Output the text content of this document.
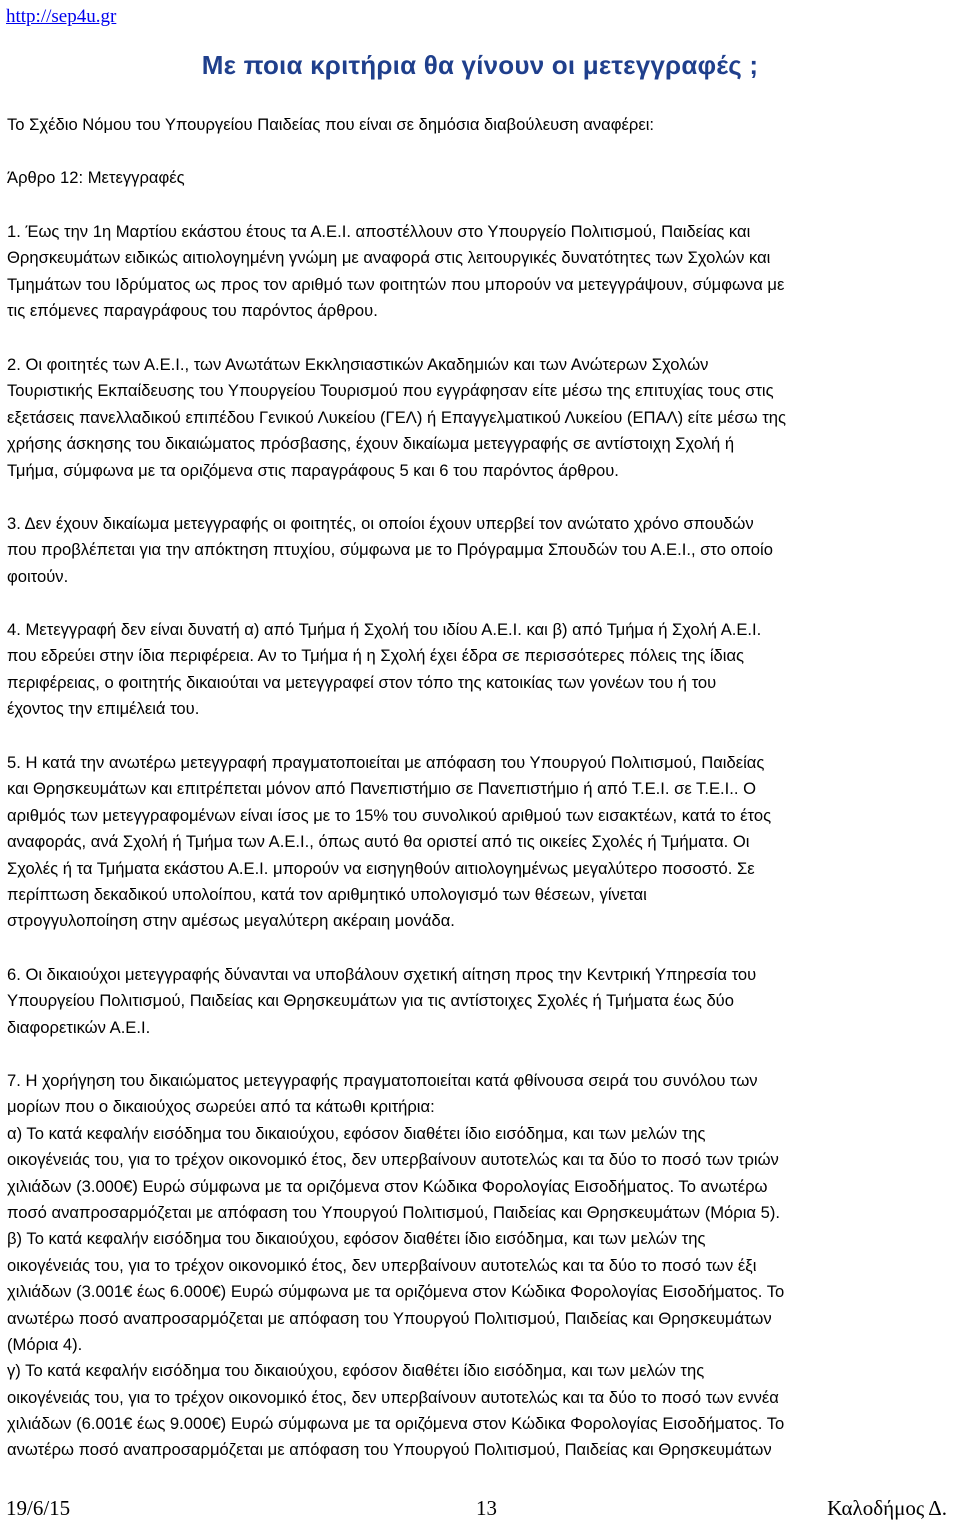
http://sep4u.gr
Με ποια κριτήρια θα γίνουν οι μετεγγραφές ;
Το Σχέδιο Νόμου του Υπουργείου Παιδείας που είναι σε δημόσια διαβούλευση αναφέρει:
Άρθρο 12: Μετεγγραφές
1. Έως την 1η Μαρτίου εκάστου έτους τα Α.Ε.Ι. αποστέλλουν στο Υπουργείο Πολιτισμού, Παιδείας και
Θρησκευμάτων ειδικώς αιτιολογημένη γνώμη με αναφορά στις λειτουργικές δυνατότητες των Σχολών και
Τμημάτων του Ιδρύματος ως προς τον αριθμό των φοιτητών που μπορούν να μετεγγράψουν, σύμφωνα με
τις επόμενες παραγράφους του παρόντος άρθρου.
2. Οι φοιτητές των Α.Ε.Ι., των Ανωτάτων Εκκλησιαστικών Ακαδημιών και των Ανώτερων Σχολών
Τουριστικής Εκπαίδευσης του Υπουργείου Τουρισμού που εγγράφησαν είτε μέσω της επιτυχίας τους στις
εξετάσεις πανελλαδικού επιπέδου Γενικού Λυκείου (ΓΕΛ) ή Επαγγελματικού Λυκείου (ΕΠΑΛ) είτε μέσω της
χρήσης άσκησης του δικαιώματος πρόσβασης, έχουν δικαίωμα μετεγγραφής σε αντίστοιχη Σχολή ή
Τμήμα, σύμφωνα με τα οριζόμενα στις παραγράφους 5 και 6 του παρόντος άρθρου.
3. Δεν έχουν δικαίωμα μετεγγραφής οι φοιτητές, οι οποίοι έχουν υπερβεί τον ανώτατο χρόνο σπουδών
που προβλέπεται για την απόκτηση πτυχίου, σύμφωνα με το Πρόγραμμα Σπουδών του Α.Ε.Ι., στο οποίο
φοιτούν.
4. Μετεγγραφή δεν είναι δυνατή α) από Τμήμα ή Σχολή του ιδίου Α.Ε.Ι. και β) από Τμήμα ή Σχολή Α.Ε.Ι.
που εδρεύει στην ίδια περιφέρεια. Αν το Τμήμα ή η Σχολή έχει έδρα σε περισσότερες πόλεις της ίδιας
περιφέρειας, ο φοιτητής δικαιούται να μετεγγραφεί στον τόπο της κατοικίας των γονέων του ή του
έχοντος την επιμέλειά του.
5. Η κατά την ανωτέρω μετεγγραφή πραγματοποιείται με απόφαση του Υπουργού Πολιτισμού, Παιδείας
και Θρησκευμάτων και επιτρέπεται μόνον από Πανεπιστήμιο σε Πανεπιστήμιο ή από Τ.Ε.Ι. σε Τ.Ε.Ι.. Ο
αριθμός των μετεγγραφομένων είναι ίσος με το 15% του συνολικού αριθμού των εισακτέων, κατά το έτος
αναφοράς, ανά Σχολή ή Τμήμα των Α.Ε.Ι., όπως αυτό θα οριστεί από τις οικείες Σχολές ή Τμήματα. Οι
Σχολές ή τα Τμήματα εκάστου Α.Ε.Ι. μπορούν να εισηγηθούν αιτιολογημένως μεγαλύτερο ποσοστό. Σε
περίπτωση δεκαδικού υπολοίπου, κατά τον αριθμητικό υπολογισμό των θέσεων, γίνεται
στρογγυλοποίηση στην αμέσως μεγαλύτερη ακέραιη μονάδα.
6. Οι δικαιούχοι μετεγγραφής δύνανται να υποβάλουν σχετική αίτηση προς την Κεντρική Υπηρεσία του
Υπουργείου Πολιτισμού, Παιδείας και Θρησκευμάτων για τις αντίστοιχες Σχολές ή Τμήματα έως δύο
διαφορετικών Α.Ε.Ι.
7. Η χορήγηση του δικαιώματος μετεγγραφής πραγματοποιείται κατά φθίνουσα σειρά του συνόλου των
μορίων που ο δικαιούχος σωρεύει από τα κάτωθι κριτήρια:
α) Το κατά κεφαλήν εισόδημα του δικαιούχου, εφόσον διαθέτει ίδιο εισόδημα, και των μελών της
οικογένειάς του, για το τρέχον οικονομικό έτος, δεν υπερβαίνουν αυτοτελώς και τα δύο το ποσό των τριών
χιλιάδων (3.000€) Ευρώ σύμφωνα με τα οριζόμενα στον Κώδικα Φορολογίας Εισοδήματος. Το ανωτέρω
ποσό αναπροσαρμόζεται με απόφαση του Υπουργού Πολιτισμού, Παιδείας και Θρησκευμάτων (Μόρια 5).
β) Το κατά κεφαλήν εισόδημα του δικαιούχου, εφόσον διαθέτει ίδιο εισόδημα, και των μελών της
οικογένειάς του, για το τρέχον οικονομικό έτος, δεν υπερβαίνουν αυτοτελώς και τα δύο το ποσό των έξι
χιλιάδων (3.001€ έως 6.000€) Ευρώ σύμφωνα με τα οριζόμενα στον Κώδικα Φορολογίας Εισοδήματος. Το
ανωτέρω ποσό αναπροσαρμόζεται με απόφαση του Υπουργού Πολιτισμού, Παιδείας και Θρησκευμάτων
(Μόρια 4).
γ) Το κατά κεφαλήν εισόδημα του δικαιούχου, εφόσον διαθέτει ίδιο εισόδημα, και των μελών της
οικογένειάς του, για το τρέχον οικονομικό έτος, δεν υπερβαίνουν αυτοτελώς και τα δύο το ποσό των εννέα
χιλιάδων (6.001€ έως 9.000€) Ευρώ σύμφωνα με τα οριζόμενα στον Κώδικα Φορολογίας Εισοδήματος. Το
ανωτέρω ποσό αναπροσαρμόζεται με απόφαση του Υπουργού Πολιτισμού, Παιδείας και Θρησκευμάτων
19/6/15	13	Καλοδήμος Δ.
